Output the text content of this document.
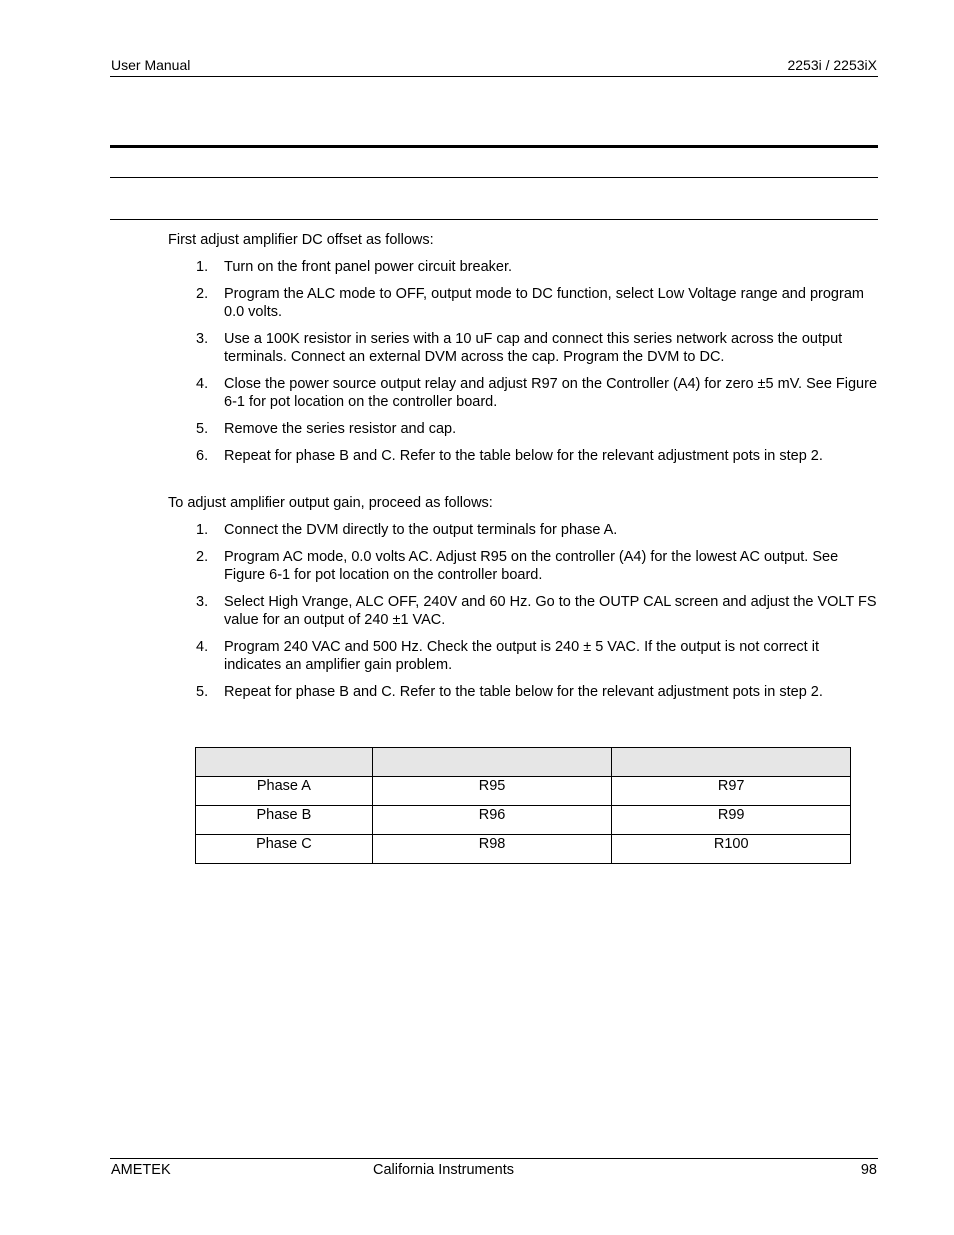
User Manual	2253i / 2253iX
First adjust amplifier DC offset as follows:
1. Turn on the front panel power circuit breaker.
2. Program the ALC mode to OFF, output mode to DC function, select Low Voltage range and program 0.0 volts.
3. Use a 100K resistor in series with a 10 uF cap and connect this series network across the output terminals. Connect an external DVM across the cap. Program the DVM to DC.
4. Close the power source output relay and adjust R97 on the Controller (A4) for zero ±5 mV. See Figure 6-1 for pot location on the controller board.
5. Remove the series resistor and cap.
6. Repeat for phase B and C. Refer to the table below for the relevant adjustment pots in step 2.
To adjust amplifier output gain, proceed as follows:
1. Connect the DVM directly to the output terminals for phase A.
2. Program AC mode, 0.0 volts AC. Adjust R95 on the controller (A4) for the lowest AC output. See Figure 6-1 for pot location on the controller board.
3. Select High Vrange, ALC OFF, 240V and 60 Hz. Go to the OUTP CAL screen and adjust the VOLT FS value for an output of 240 ±1 VAC.
4. Program 240 VAC and 500 Hz. Check the output is 240 ± 5 VAC. If the output is not correct it indicates an amplifier gain problem.
5. Repeat for phase B and C. Refer to the table below for the relevant adjustment pots in step 2.

Phase A	R95	R97
Phase B	R96	R99
Phase C	R98	R100
AMETEK	California Instruments	98
